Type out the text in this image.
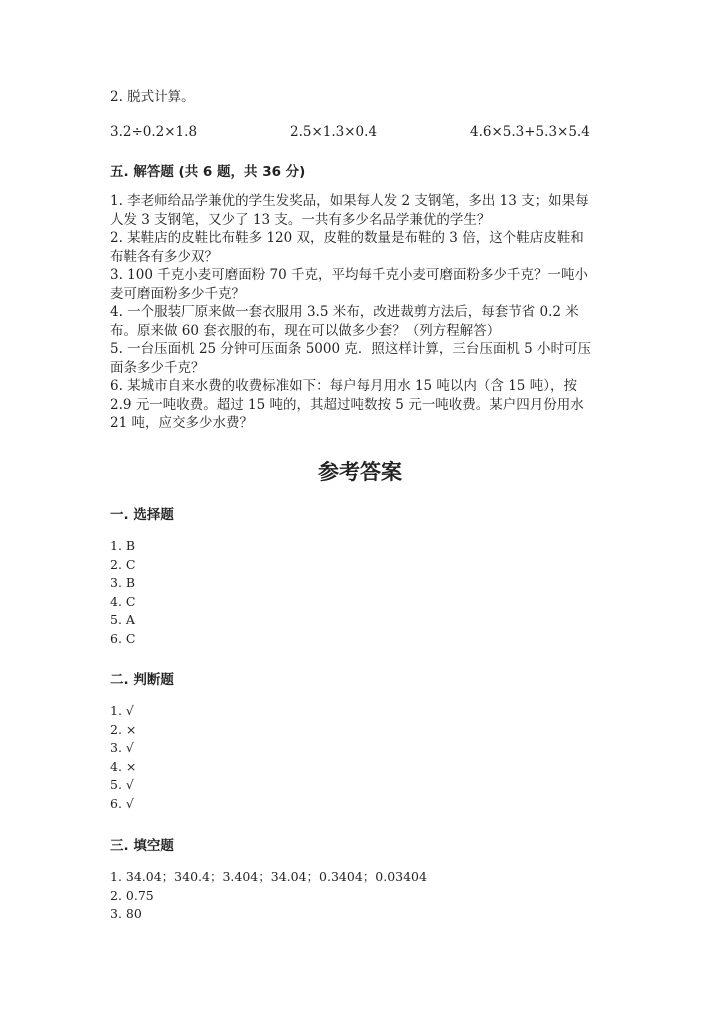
2. 脱式计算。
3.2÷0.2×1.8	2.5×1.3×0.4	4.6×5.3+5.3×5.4
五. 解答题 (共 6 题，共 36 分)
1. 李老师给品学兼优的学生发奖品，如果每人发 2 支钢笔，多出 13 支；如果每
人发 3 支钢笔，又少了 13 支。一共有多少名品学兼优的学生？
2. 某鞋店的皮鞋比布鞋多 120 双，皮鞋的数量是布鞋的 3 倍，这个鞋店皮鞋和
布鞋各有多少双？
3. 100 千克小麦可磨面粉 70 千克，平均每千克小麦可磨面粉多少千克？一吨小
麦可磨面粉多少千克？
4. 一个服装厂原来做一套衣服用 3.5 米布，改进裁剪方法后，每套节省 0.2 米
布。原来做 60 套衣服的布，现在可以做多少套？（列方程解答）
5. 一台压面机 25 分钟可压面条 5000 克．照这样计算，三台压面机 5 小时可压
面条多少千克？
6. 某城市自来水费的收费标准如下：每户每月用水 15 吨以内（含 15 吨），按
2.9 元一吨收费。超过 15 吨的，其超过吨数按 5 元一吨收费。某户四月份用水
21 吨，应交多少水费？
参考答案
一. 选择题
1. B
2. C
3. B
4. C
5. A
6. C
二. 判断题
1. √
2. ×
3. √
4. ×
5. √
6. √
三. 填空题
1. 34.04；340.4；3.404；34.04；0.3404；0.03404
2. 0.75
3. 80
